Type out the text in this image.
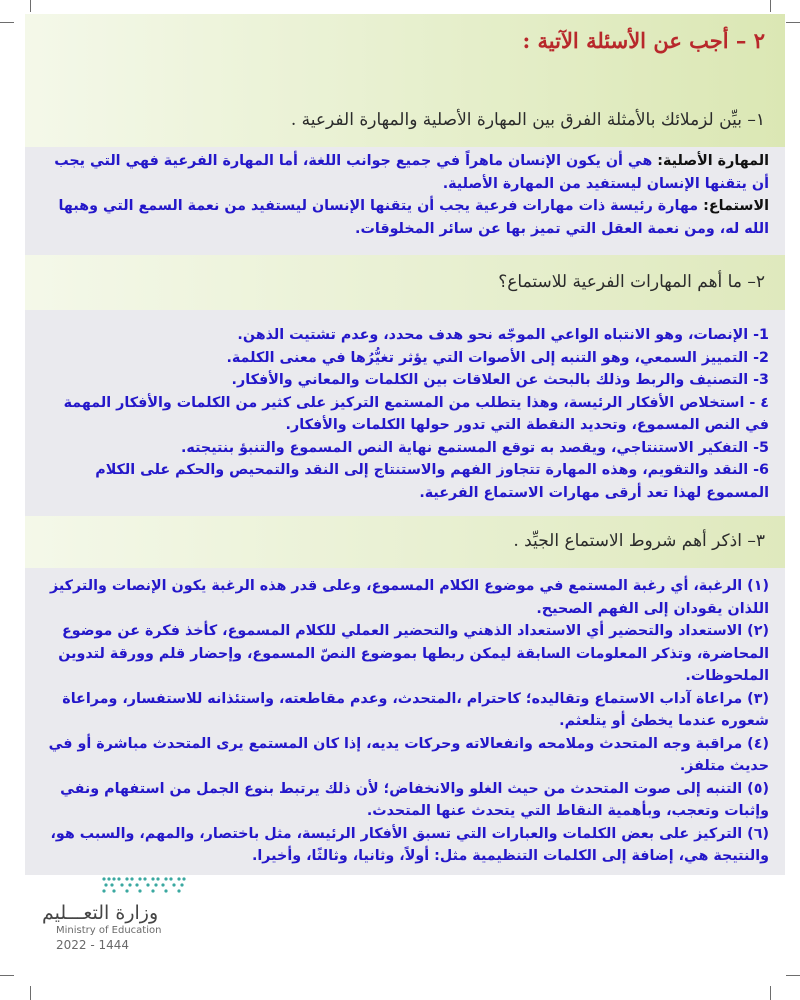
٢ – أجب عن الأسئلة الآتية :
١– بيِّن لزملائك بالأمثلة الفرق بين المهارة الأصلية والمهارة الفرعية .

المهارة الأصلية: هي أن يكون الإنسان ماهراً في جميع جوانب اللغة، أما المهارة الفرعية فهي التي يجب أن يتقنها الإنسان ليستفيد من المهارة الأصلية.

الاستماع: مهارة رئيسة ذات مهارات فرعية يجب أن يتقنها الإنسان ليستفيد من نعمة السمع التي وهبها الله له، ومن نعمة العقل التي تميز بها عن سائر المخلوقات.

٢– ما أهم المهارات الفرعية للاستماع؟

1- الإنصات، وهو الانتباه الواعي الموجّه نحو هدف محدد، وعدم تشتيت الذهن.

2- التمييز السمعي، وهو التنبه إلى الأصوات التي يؤثر تغيُّرُها في معنى الكلمة.

3- التصنيف والربط وذلك بالبحث عن العلاقات بين الكلمات والمعاني والأفكار.

٤ - استخلاص الأفكار الرئيسة، وهذا يتطلب من المستمع التركيز على كثير من الكلمات والأفكار المهمة في النص المسموع، وتحديد النقطة التي تدور حولها الكلمات والأفكار.

5- التفكير الاستنتاجي، ويقصد به توقع المستمع نهاية النص المسموع والتنبؤ بنتيجته.

6- النقد والتقويم، وهذه المهارة تتجاوز الفهم والاستنتاج إلى النقد والتمحيص والحكم على الكلام المسموع لهذا تعد أرقى مهارات الاستماع الفرعية.

٣– اذكر أهم شروط الاستماع الجيِّد .

(١) الرغبة، أي رغبة المستمع في موضوع الكلام المسموع، وعلى قدر هذه الرغبة يكون الإنصات والتركيز اللذان يقودان إلى الفهم الصحيح.

(٢) الاستعداد والتحضير أي الاستعداد الذهني والتحضير العملي للكلام المسموع، كأخذ فكرة عن موضوع المحاضرة، وتذكر المعلومات السابقة ليمكن ربطها بموضوع النصّ المسموع، وإحضار قلم وورقة لتدوين الملحوظات.

(٣) مراعاة آداب الاستماع وتقاليده؛ كاحترام ،المتحدث، وعدم مقاطعته، واستئذانه للاستفسار، ومراعاة شعوره عندما يخطئ أو يتلعثم.

(٤) مراقبة وجه المتحدث وملامحه وانفعالاته وحركات يديه، إذا كان المستمع يرى المتحدث مباشرة أو في حديث متلفز.

(٥) التنبه إلى صوت المتحدث من حيث الغلو والانخفاض؛ لأن ذلك يرتبط بنوع الجمل من استفهام ونفي وإثبات وتعجب، وبأهمية النقاط التي يتحدث عنها المتحدث.

(٦) التركيز على بعض الكلمات والعبارات التي تسبق الأفكار الرئيسة، مثل باختصار، والمهم، والسبب هو، والنتيجة هي، إضافة إلى الكلمات التنظيمية مثل: أولاً، وثانيا، وثالثًا، وأخيرا.

وزارة التعـــليم
Ministry of Education
2022 - 1444
